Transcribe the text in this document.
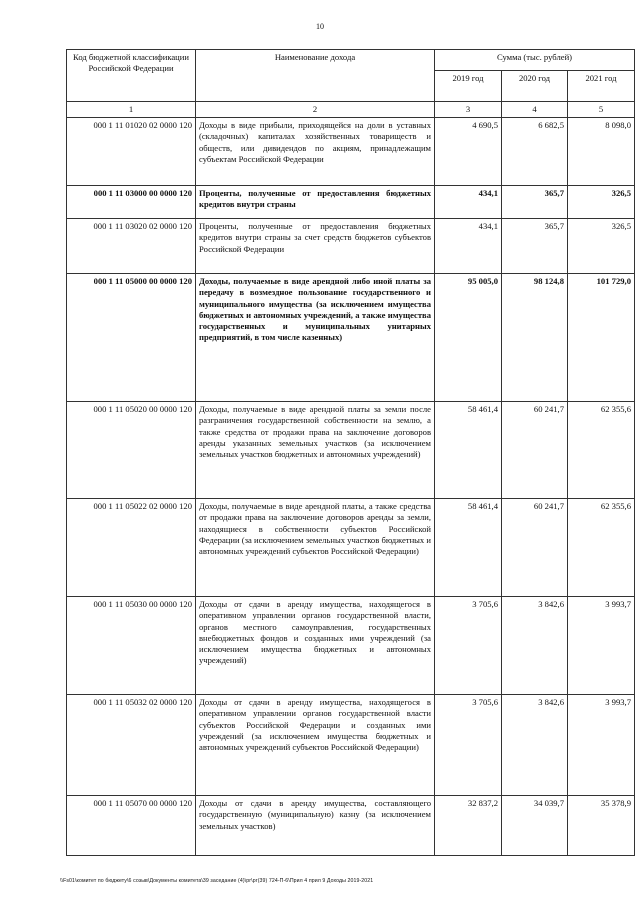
10
Код бюджетной классификации Российской Федерации	Наименование дохода	Сумма (тыс. рублей)		
		2019 год	2020 год	2021 год
1	2	3	4	5
000 1 11 01020 02 0000 120	Доходы в виде прибыли, приходящейся на доли в уставных (складочных) капиталах хозяйственных товариществ и обществ, или дивидендов по акциям, принадлежащим субъектам Российской Федерации	4 690,5	6 682,5	8 098,0
000 1 11 03000 00 0000 120	Проценты, полученные от предоставления бюджетных кредитов внутри страны	434,1	365,7	326,5
000 1 11 03020 02 0000 120	Проценты, полученные от предоставления бюджетных кредитов внутри страны за счет средств бюджетов субъектов Российской Федерации	434,1	365,7	326,5
000 1 11 05000 00 0000 120	Доходы, получаемые в виде арендной либо иной платы за передачу в возмездное пользование государственного и муниципального имущества (за исключением имущества бюджетных и автономных учреждений, а также имущества государственных и муниципальных унитарных предприятий, в том числе казенных)	95 005,0	98 124,8	101 729,0
000 1 11 05020 00 0000 120	Доходы, получаемые в виде арендной платы за земли после разграничения государственной собственности на землю, а также средства от продажи права на заключение договоров аренды указанных земельных участков (за исключением земельных участков бюджетных и автономных учреждений)	58 461,4	60 241,7	62 355,6
000 1 11 05022 02 0000 120	Доходы, получаемые в виде арендной платы, а также средства от продажи права на заключение договоров аренды за земли, находящиеся в собственности субъектов Российской Федерации (за исключением земельных участков бюджетных и автономных учреждений субъектов Российской Федерации)	58 461,4	60 241,7	62 355,6
000 1 11 05030 00 0000 120	Доходы от сдачи в аренду имущества, находящегося в оперативном управлении органов государственной власти, органов местного самоуправления, государственных внебюджетных фондов и созданных ими учреждений (за исключением имущества бюджетных и автономных учреждений)	3 705,6	3 842,6	3 993,7
000 1 11 05032 02 0000 120	Доходы от сдачи в аренду имущества, находящегося в оперативном управлении органов государственной власти субъектов Российской Федерации и созданных ими учреждений (за исключением имущества бюджетных и автономных учреждений субъектов Российской Федерации)	3 705,6	3 842,6	3 993,7
000 1 11 05070 00 0000 120	Доходы от сдачи в аренду имущества, составляющего государственную (муниципальную) казну (за исключением земельных участков)	32 837,2	34 039,7	35 378,9
\\Fs01\комитет по бюджету\6 созыв\Документы комитета\39 заседание (4)\рг\рг(39) 724-П-6\Прил 4 прил 9 Доходы 2019-2021
